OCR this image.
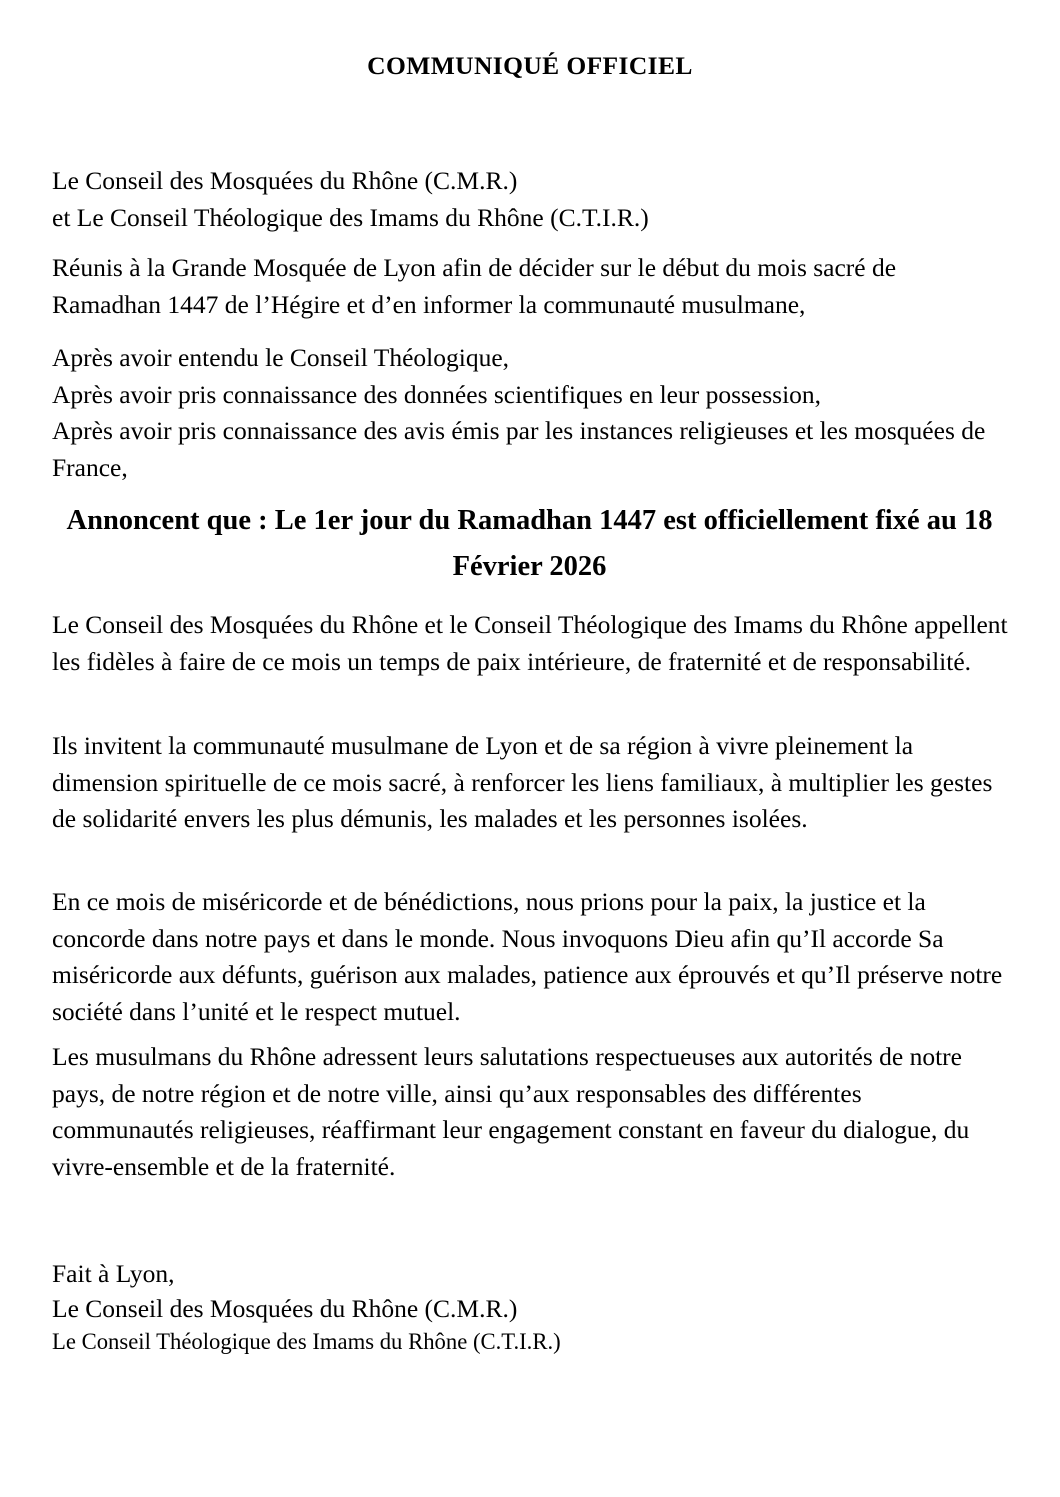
COMMUNIQUÉ OFFICIEL

Le Conseil des Mosquées du Rhône (C.M.R.)

et Le Conseil Théologique des Imams du Rhône (C.T.I.R.)

Réunis à la Grande Mosquée de Lyon afin de décider sur le début du mois sacré de Ramadhan 1447 de l’Hégire et d’en informer la communauté musulmane,

Après avoir entendu le Conseil Théologique,

Après avoir pris connaissance des données scientifiques en leur possession,

Après avoir pris connaissance des avis émis par les instances religieuses et les mosquées de France,

Annoncent que : Le 1er jour du Ramadhan 1447 est officiellement fixé au 18 Février 2026

Le Conseil des Mosquées du Rhône et le Conseil Théologique des Imams du Rhône appellent les fidèles à faire de ce mois un temps de paix intérieure, de fraternité et de responsabilité.

Ils invitent la communauté musulmane de Lyon et de sa région à vivre pleinement la dimension spirituelle de ce mois sacré, à renforcer les liens familiaux, à multiplier les gestes de solidarité envers les plus démunis, les malades et les personnes isolées.

En ce mois de miséricorde et de bénédictions, nous prions pour la paix, la justice et la concorde dans notre pays et dans le monde. Nous invoquons Dieu afin qu’Il accorde Sa miséricorde aux défunts, guérison aux malades, patience aux éprouvés et qu’Il préserve notre société dans l’unité et le respect mutuel.

Les musulmans du Rhône adressent leurs salutations respectueuses aux autorités de notre pays, de notre région et de notre ville, ainsi qu’aux responsables des différentes communautés religieuses, réaffirmant leur engagement constant en faveur du dialogue, du vivre-ensemble et de la fraternité.

Fait à Lyon,
Le Conseil des Mosquées du Rhône (C.M.R.)
Le Conseil Théologique des Imams du Rhône (C.T.I.R.)
